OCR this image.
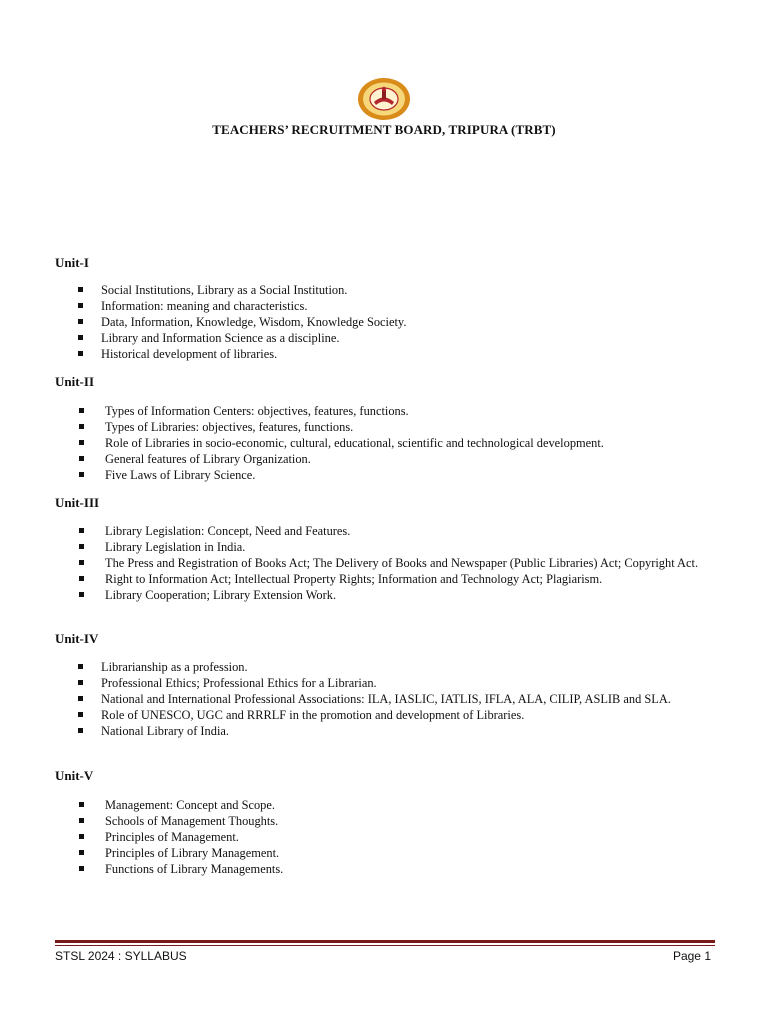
TEACHERS’ RECRUITMENT BOARD, TRIPURA (TRBT)
Unit-I
Social Institutions, Library as a Social Institution.
Information: meaning and characteristics.
Data, Information, Knowledge, Wisdom, Knowledge Society.
Library and Information Science as a discipline.
Historical development of libraries.
Unit-II
Types of Information Centers: objectives, features, functions.
Types of Libraries: objectives, features, functions.
Role of Libraries in socio-economic, cultural, educational, scientific and technological development.
General features of Library Organization.
Five Laws of Library Science.
Unit-III
Library Legislation: Concept, Need and Features.
Library Legislation in India.
The Press and Registration of Books Act; The Delivery of Books and Newspaper (Public Libraries) Act; Copyright Act.
Right to Information Act; Intellectual Property Rights; Information and Technology Act; Plagiarism.
Library Cooperation; Library Extension Work.
Unit-IV
Librarianship as a profession.
Professional Ethics; Professional Ethics for a Librarian.
National and International Professional Associations: ILA, IASLIC, IATLIS, IFLA, ALA, CILIP, ASLIB and SLA.
Role of UNESCO, UGC and RRRLF in the promotion and development of Libraries.
National Library of India.
Unit-V
Management: Concept and Scope.
Schools of Management Thoughts.
Principles of Management.
Principles of Library Management.
Functions of Library Managements.
STSL 2024 : SYLLABUS	Page 1
